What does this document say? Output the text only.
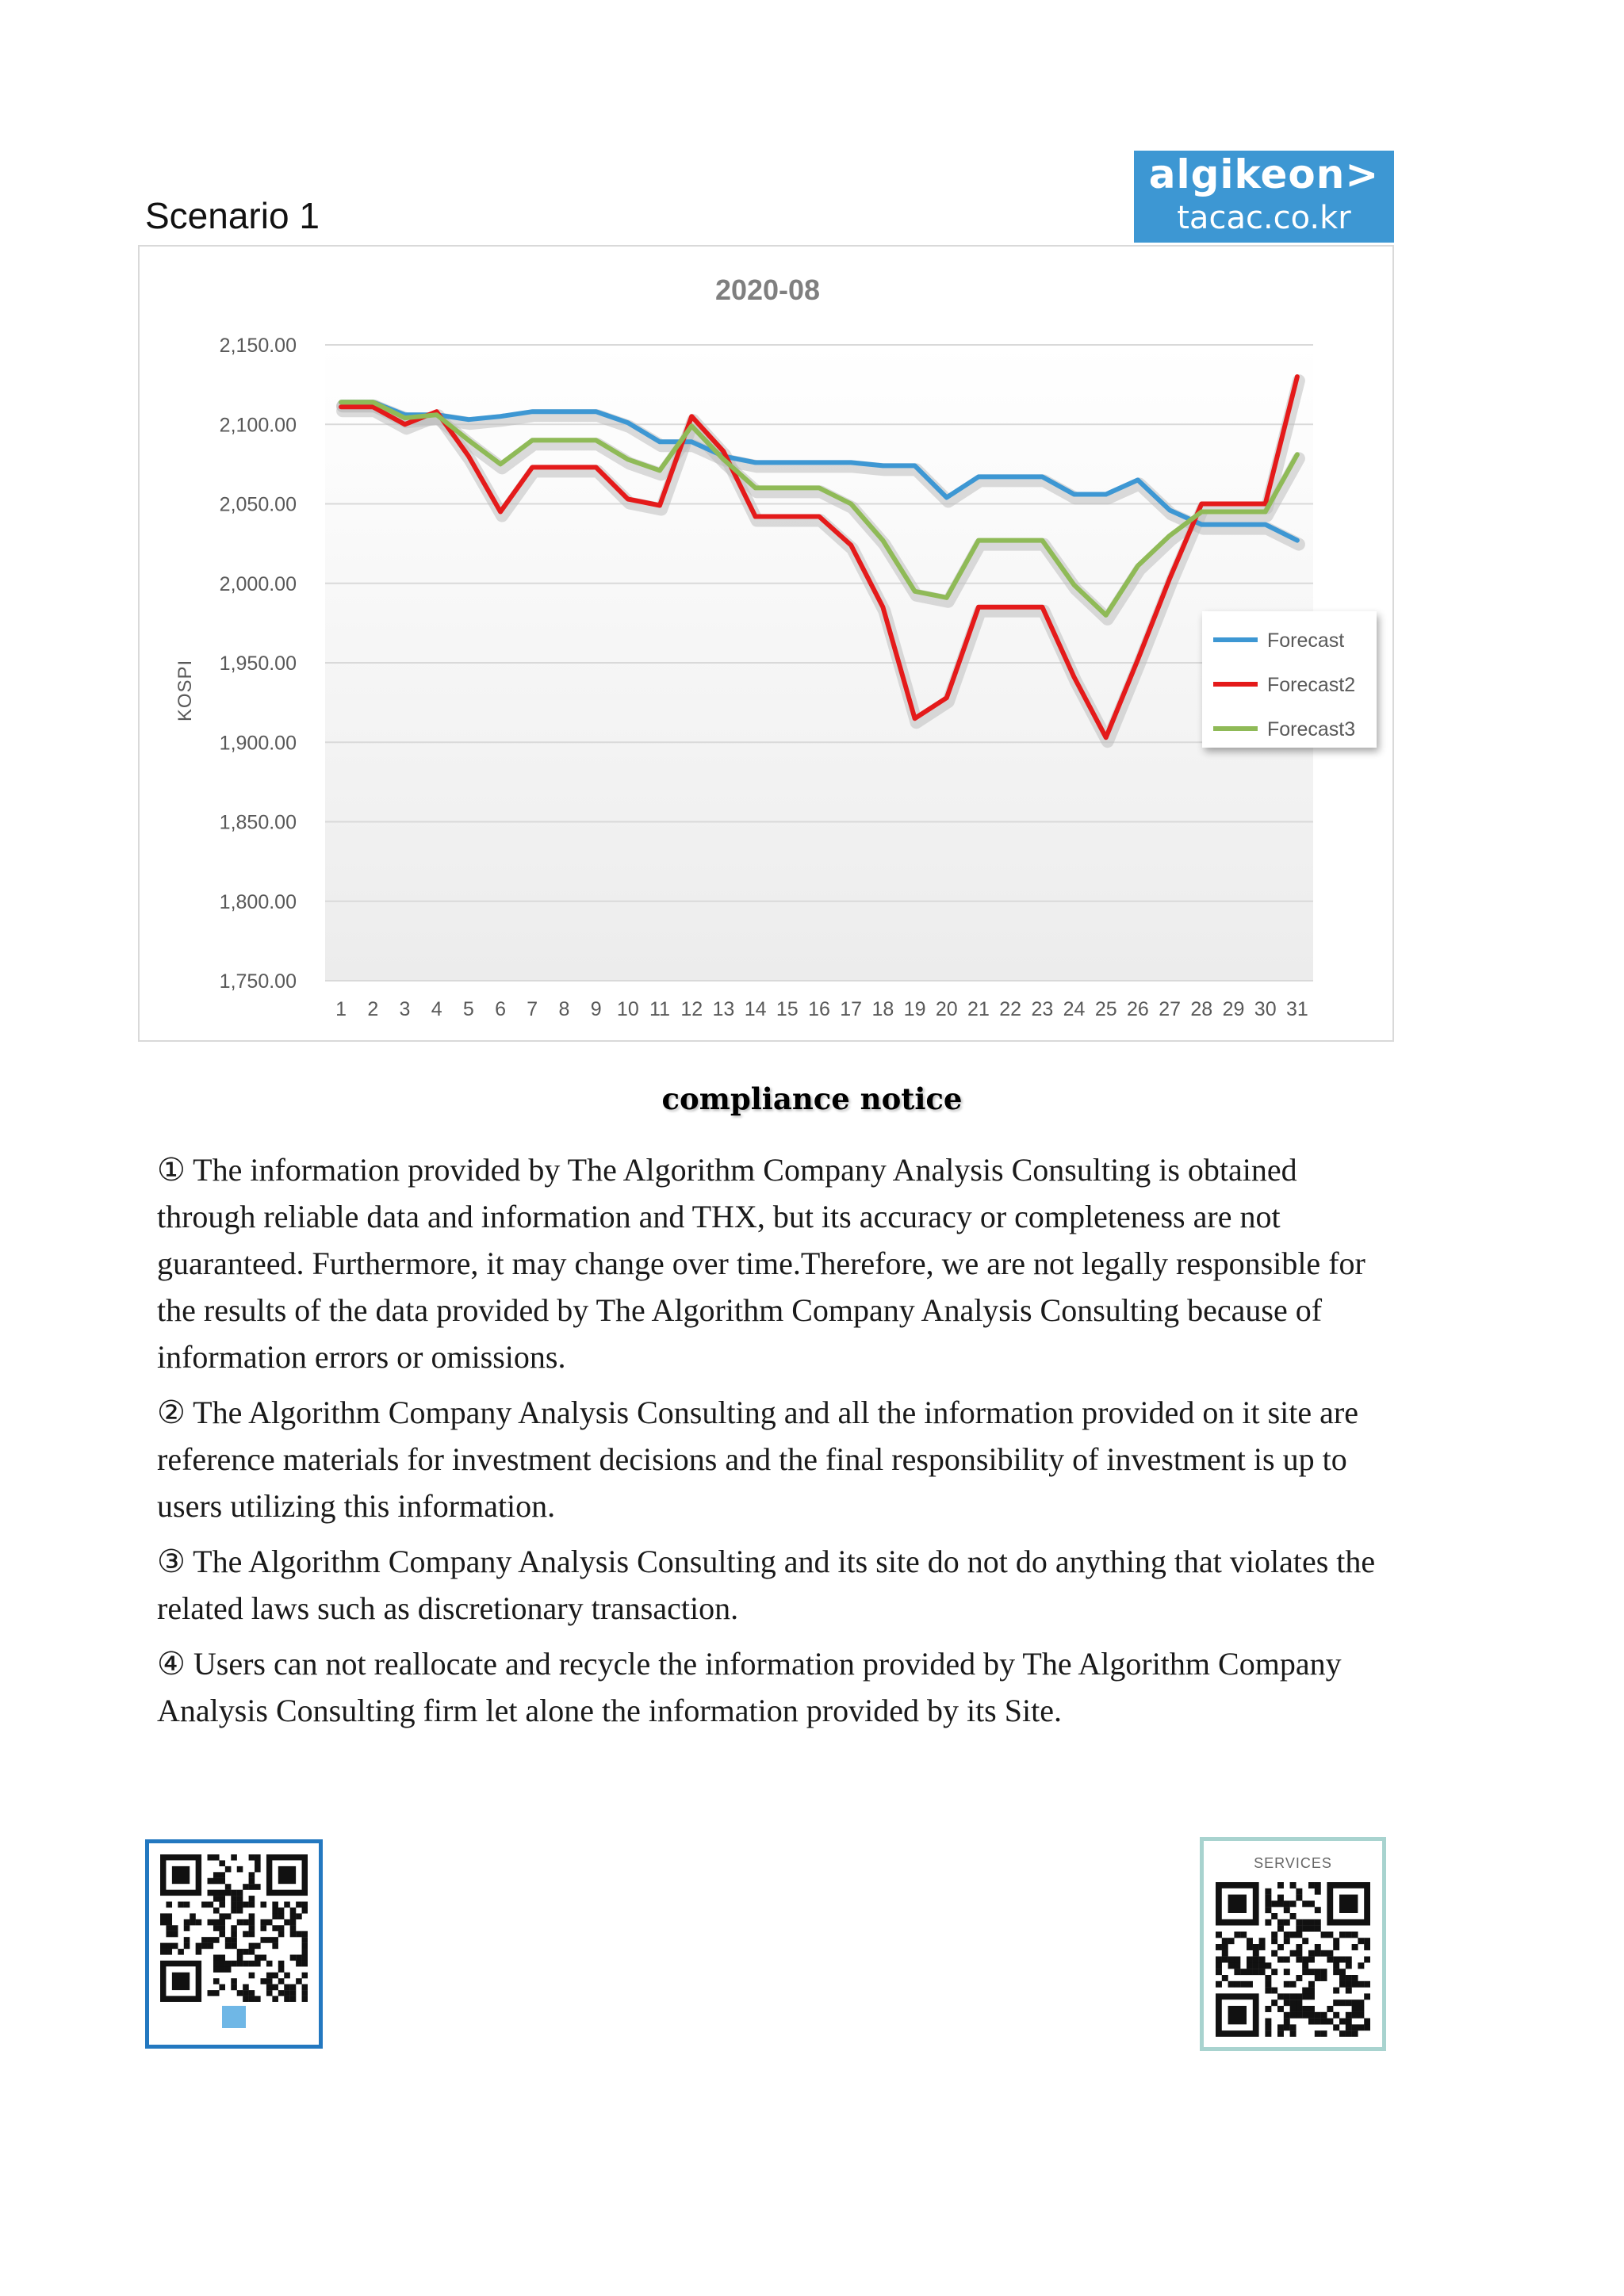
Scenario 1
algikeon>
tacac.co.kr
2020-08
KOSPI
2,150.00
2,100.00
2,050.00
2,000.00
1,950.00
1,900.00
1,850.00
1,800.00
1,750.00
1 2 3 4 5 6 7 8 9 10 11 12 13 14 15 16 17 18 19 20 21 22 23 24 25 26 27 28 29 30 31
Forecast
Forecast2
Forecast3
compliance notice

① The information provided by The Algorithm Company Analysis Consulting is obtained through reliable data and information and THX, but its accuracy or completeness are not guaranteed. Furthermore, it may change over time.Therefore, we are not legally responsible for the results of the data provided by The Algorithm Company Analysis Consulting because of information errors or omissions.

② The Algorithm Company Analysis Consulting and all the information provided on it site are reference materials for investment decisions and the final responsibility of investment is up to users utilizing this information.

③ The Algorithm Company Analysis Consulting and its site do not do anything that violates the related laws such as discretionary transaction.

④ Users can not reallocate and recycle the information provided by The Algorithm Company Analysis Consulting firm let alone the information provided by its Site.

SERVICES
